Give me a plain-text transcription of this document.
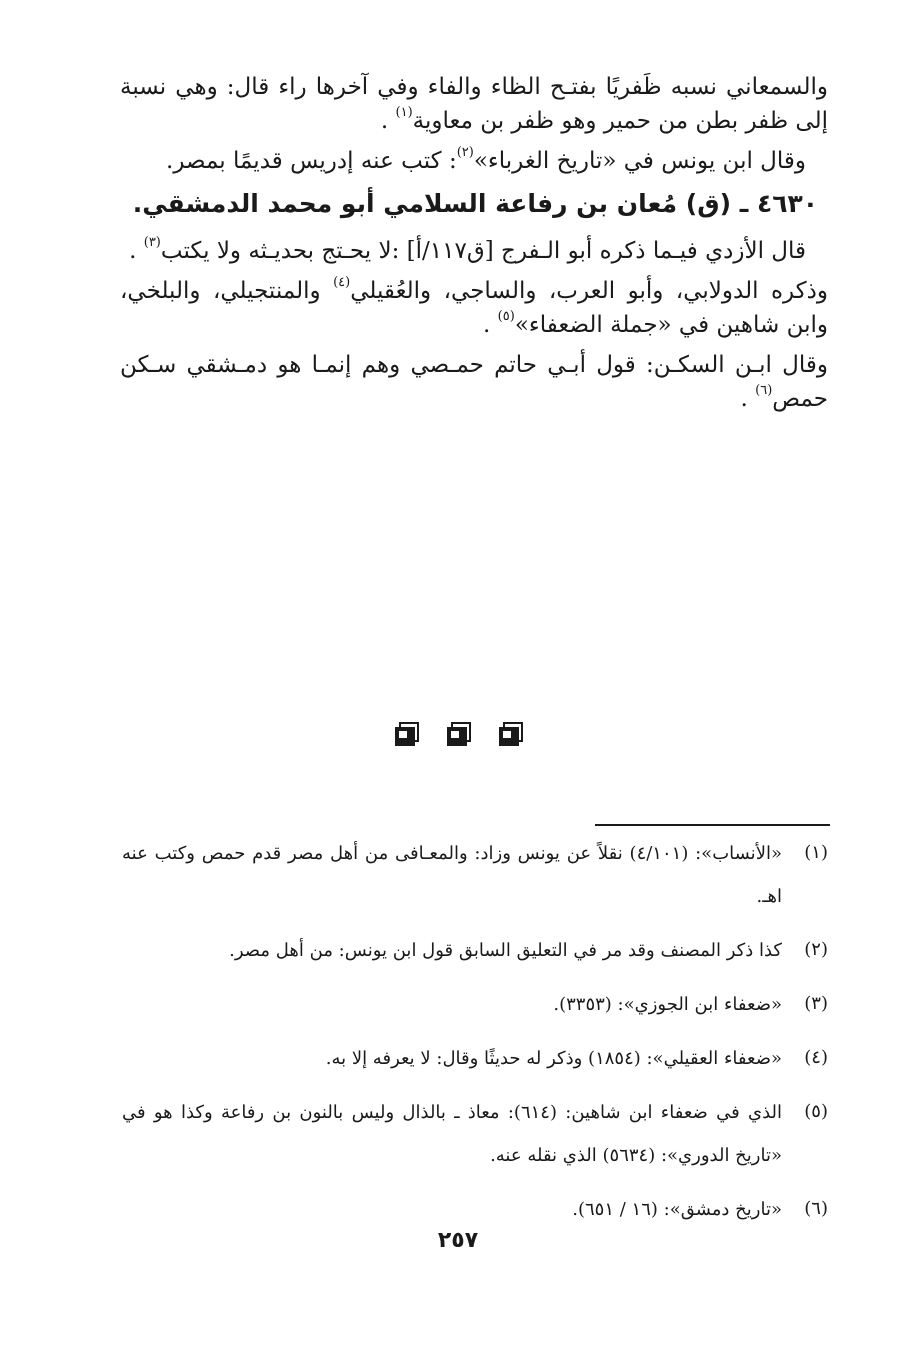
والسمعاني نسبه ظَفريًا بفتـح الظاء والفاء وفي آخرها راء قال: وهي نسبة إلى ظفر بطن من حمير وهو ظفر بن معاوية$^{(١)}$ .

وقال ابن يونس في «تاريخ الغرباء»$^{(٢)}$: كتب عنه إدريس قديمًا بمصر.

٤٦٣٠ ـ (ق) مُعان بن رفاعة السلامي أبو محمد الدمشقي.

قال الأزدي فيـما ذكره أبو الـفرج [ق١١٧/أ] :لا يحـتج بحديـثه ولا يكتب$^{(٣)}$ .

وذكره الدولابي، وأبو العرب، والساجي، والعُقيلي$^{(٤)}$ والمنتجيلي، والبلخي، وابن شاهين في «جملة الضعفاء»$^{(٥)}$ .

وقال ابـن السكـن: قول أبـي حاتم حمـصي وهم إنمـا هو دمـشقي سـكن حمص$^{(٦)}$ .

(١)
«الأنساب»: (٤/١٠١) نقلاً عن يونس وزاد: والمعـافى من أهل مصر قدم حمص وكتب عنه اهـ.
(٢)
كذا ذكر المصنف وقد مر في التعليق السابق قول ابن يونس: من أهل مصر.
(٣)
«ضعفاء ابن الجوزي»: (٣٣٥٣).
(٤)
«ضعفاء العقيلي»: (١٨٥٤) وذكر له حديثًا وقال: لا يعرفه إلا به.
(٥)
الذي في ضعفاء ابن شاهين: (٦١٤): معاذ ـ بالذال وليس بالنون بن رفاعة وكذا هو في «تاريخ الدوري»: (٥٦٣٤) الذي نقله عنه.
(٦)
«تاريخ دمشق»: (١٦ / ٦٥١).
٢٥٧
